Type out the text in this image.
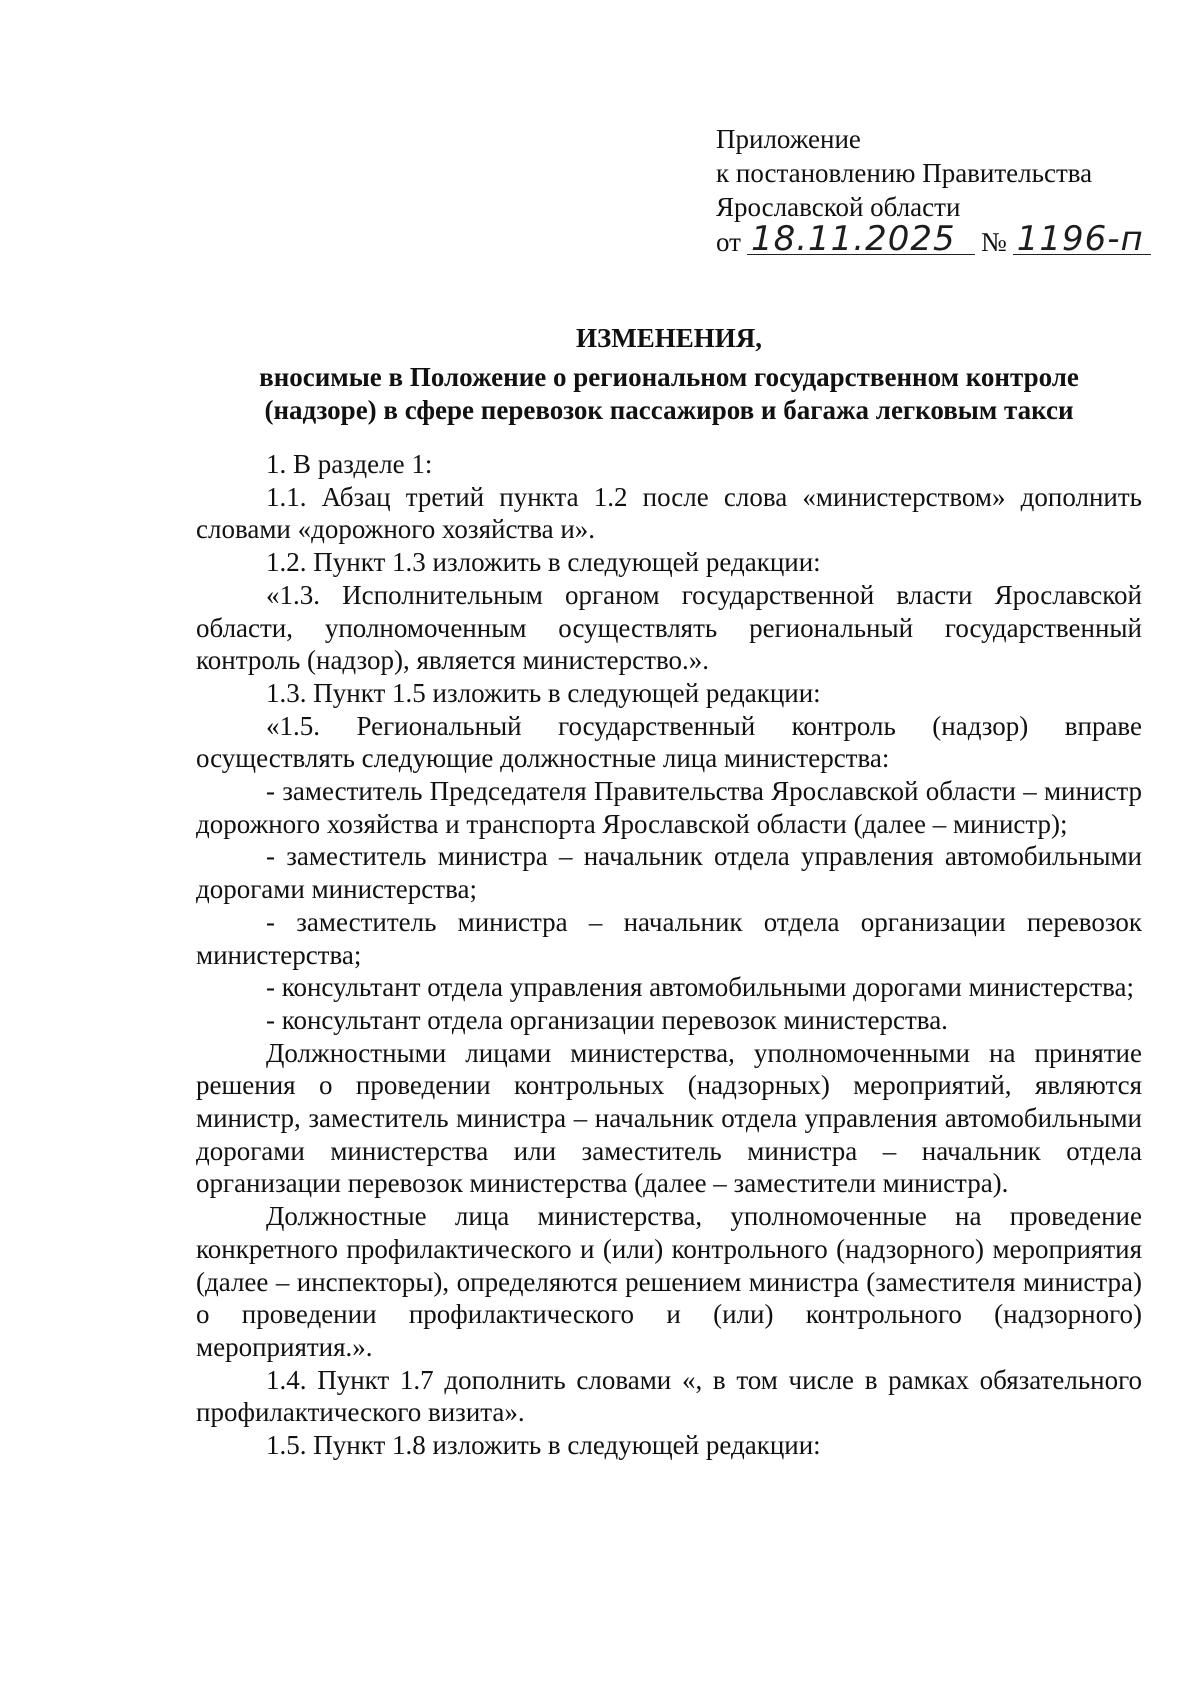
Приложение
к постановлению Правительства
Ярославской области
от 18.11.2025 № 1196-п
ИЗМЕНЕНИЯ,
вносимые в Положение о региональном государственном контроле
(надзоре) в сфере перевозок пассажиров и багажа легковым такси

1. В разделе 1:

1.1. Абзац третий пункта 1.2 после слова «министерством» дополнить словами «дорожного хозяйства и».

1.2. Пункт 1.3 изложить в следующей редакции:

«1.3. Исполнительным органом государственной власти Ярославской области, уполномоченным осуществлять региональный государственный контроль (надзор), является министерство.».

1.3. Пункт 1.5 изложить в следующей редакции:

«1.5. Региональный государственный контроль (надзор) вправе осуществлять следующие должностные лица министерства:

- заместитель Председателя Правительства Ярославской области – министр дорожного хозяйства и транспорта Ярославской области (далее – министр);

- заместитель министра – начальник отдела управления автомобильными дорогами министерства;

- заместитель министра – начальник отдела организации перевозок министерства;

- консультант отдела управления автомобильными дорогами министерства;

- консультант отдела организации перевозок министерства.

Должностными лицами министерства, уполномоченными на принятие решения о проведении контрольных (надзорных) мероприятий, являются министр, заместитель министра – начальник отдела управления автомобильными дорогами министерства или заместитель министра – начальник отдела организации перевозок министерства (далее – заместители министра).

Должностные лица министерства, уполномоченные на проведение конкретного профилактического и (или) контрольного (надзорного) мероприятия (далее – инспекторы), определяются решением министра (заместителя министра) о проведении профилактического и (или) контрольного (надзорного) мероприятия.».

1.4. Пункт 1.7 дополнить словами «, в том числе в рамках обязательного профилактического визита».

1.5. Пункт 1.8 изложить в следующей редакции:
